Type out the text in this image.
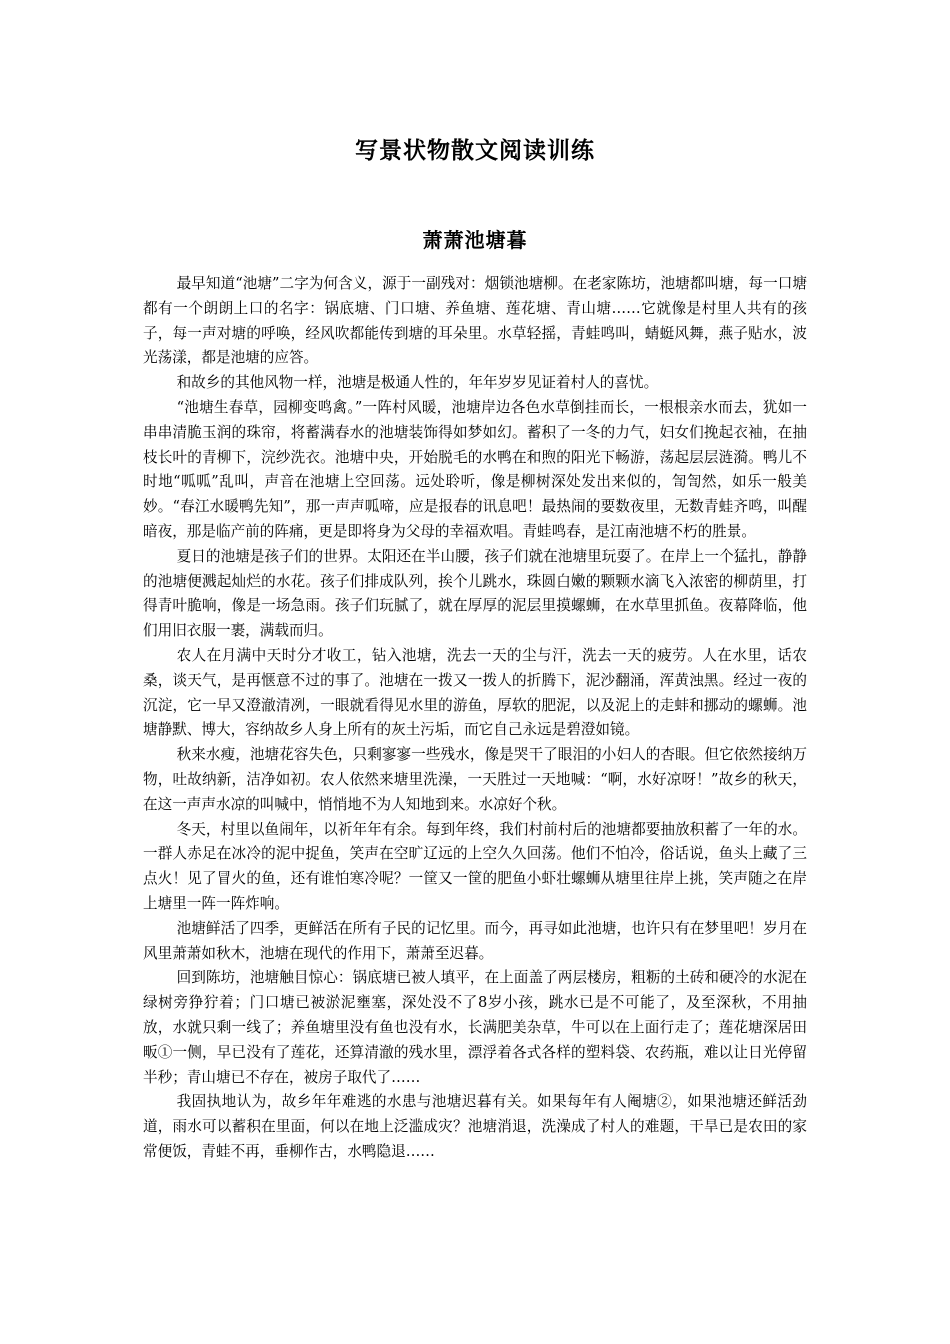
写景状物散文阅读训练
萧萧池塘暮

最早知道“池塘”二字为何含义，源于一副残对：烟锁池塘柳。在老家陈坊，池塘都叫塘，每一口塘都有一个朗朗上口的名字：锅底塘、门口塘、养鱼塘、莲花塘、青山塘……它就像是村里人共有的孩子，每一声对塘的呼唤，经风吹都能传到塘的耳朵里。水草轻摇，青蛙鸣叫，蜻蜓风舞，燕子贴水，波光荡漾，都是池塘的应答。

和故乡的其他风物一样，池塘是极通人性的，年年岁岁见证着村人的喜忧。

“池塘生春草，园柳变鸣禽。”一阵村风暖，池塘岸边各色水草倒挂而长，一根根亲水而去，犹如一串串清脆玉润的珠帘，将蓄满春水的池塘装饰得如梦如幻。蓄积了一冬的力气，妇女们挽起衣袖，在抽枝长叶的青柳下，浣纱洗衣。池塘中央，开始脱毛的水鸭在和煦的阳光下畅游，荡起层层涟漪。鸭儿不时地“呱呱”乱叫，声音在池塘上空回荡。远处聆听，像是柳树深处发出来似的，訇訇然，如乐一般美妙。“春江水暖鸭先知”，那一声声呱啼，应是报春的讯息吧！最热闹的要数夜里，无数青蛙齐鸣，叫醒暗夜，那是临产前的阵痛，更是即将身为父母的幸福欢唱。青蛙鸣春，是江南池塘不朽的胜景。

夏日的池塘是孩子们的世界。太阳还在半山腰，孩子们就在池塘里玩耍了。在岸上一个猛扎，静静的池塘便溅起灿烂的水花。孩子们排成队列，挨个儿跳水，珠圆白嫩的颗颗水滴飞入浓密的柳荫里，打得青叶脆响，像是一场急雨。孩子们玩腻了，就在厚厚的泥层里摸螺蛳，在水草里抓鱼。夜幕降临，他们用旧衣服一裹，满载而归。

农人在月满中天时分才收工，钻入池塘，洗去一天的尘与汗，洗去一天的疲劳。人在水里，话农桑，谈天气，是再惬意不过的事了。池塘在一拨又一拨人的折腾下，泥沙翻涌，浑黄浊黑。经过一夜的沉淀，它一早又澄澈清冽，一眼就看得见水里的游鱼，厚软的肥泥，以及泥上的走蚌和挪动的螺蛳。池塘静默、博大，容纳故乡人身上所有的灰土污垢，而它自己永远是碧澄如镜。

秋来水瘦，池塘花容失色，只剩寥寥一些残水，像是哭干了眼泪的小妇人的杏眼。但它依然接纳万物，吐故纳新，洁净如初。农人依然来塘里洗澡，一天胜过一天地喊：“啊，水好凉呀！”故乡的秋天，在这一声声水凉的叫喊中，悄悄地不为人知地到来。水凉好个秋。

冬天，村里以鱼闹年，以祈年年有余。每到年终，我们村前村后的池塘都要抽放积蓄了一年的水。一群人赤足在冰冷的泥中捉鱼，笑声在空旷辽远的上空久久回荡。他们不怕冷，俗话说，鱼头上藏了三点火！见了冒火的鱼，还有谁怕寒冷呢？一筐又一筐的肥鱼小虾壮螺蛳从塘里往岸上挑，笑声随之在岸上塘里一阵一阵炸响。

池塘鲜活了四季，更鲜活在所有子民的记忆里。而今，再寻如此池塘，也许只有在梦里吧！岁月在风里萧萧如秋木，池塘在现代的作用下，萧萧至迟暮。

回到陈坊，池塘触目惊心：锅底塘已被人填平，在上面盖了两层楼房，粗粝的土砖和硬冷的水泥在绿树旁狰狞着；门口塘已被淤泥壅塞，深处没不了8岁小孩，跳水已是不可能了，及至深秋，不用抽放，水就只剩一线了；养鱼塘里没有鱼也没有水，长满肥美杂草，牛可以在上面行走了；莲花塘深居田畈①一侧，早已没有了莲花，还算清澈的残水里，漂浮着各式各样的塑料袋、农药瓶，难以让日光停留半秒；青山塘已不存在，被房子取代了……

我固执地认为，故乡年年难逃的水患与池塘迟暮有关。如果每年有人阉塘②，如果池塘还鲜活劲道，雨水可以蓄积在里面，何以在地上泛滥成灾？池塘消退，洗澡成了村人的难题，干旱已是农田的家常便饭，青蛙不再，垂柳作古，水鸭隐退……
